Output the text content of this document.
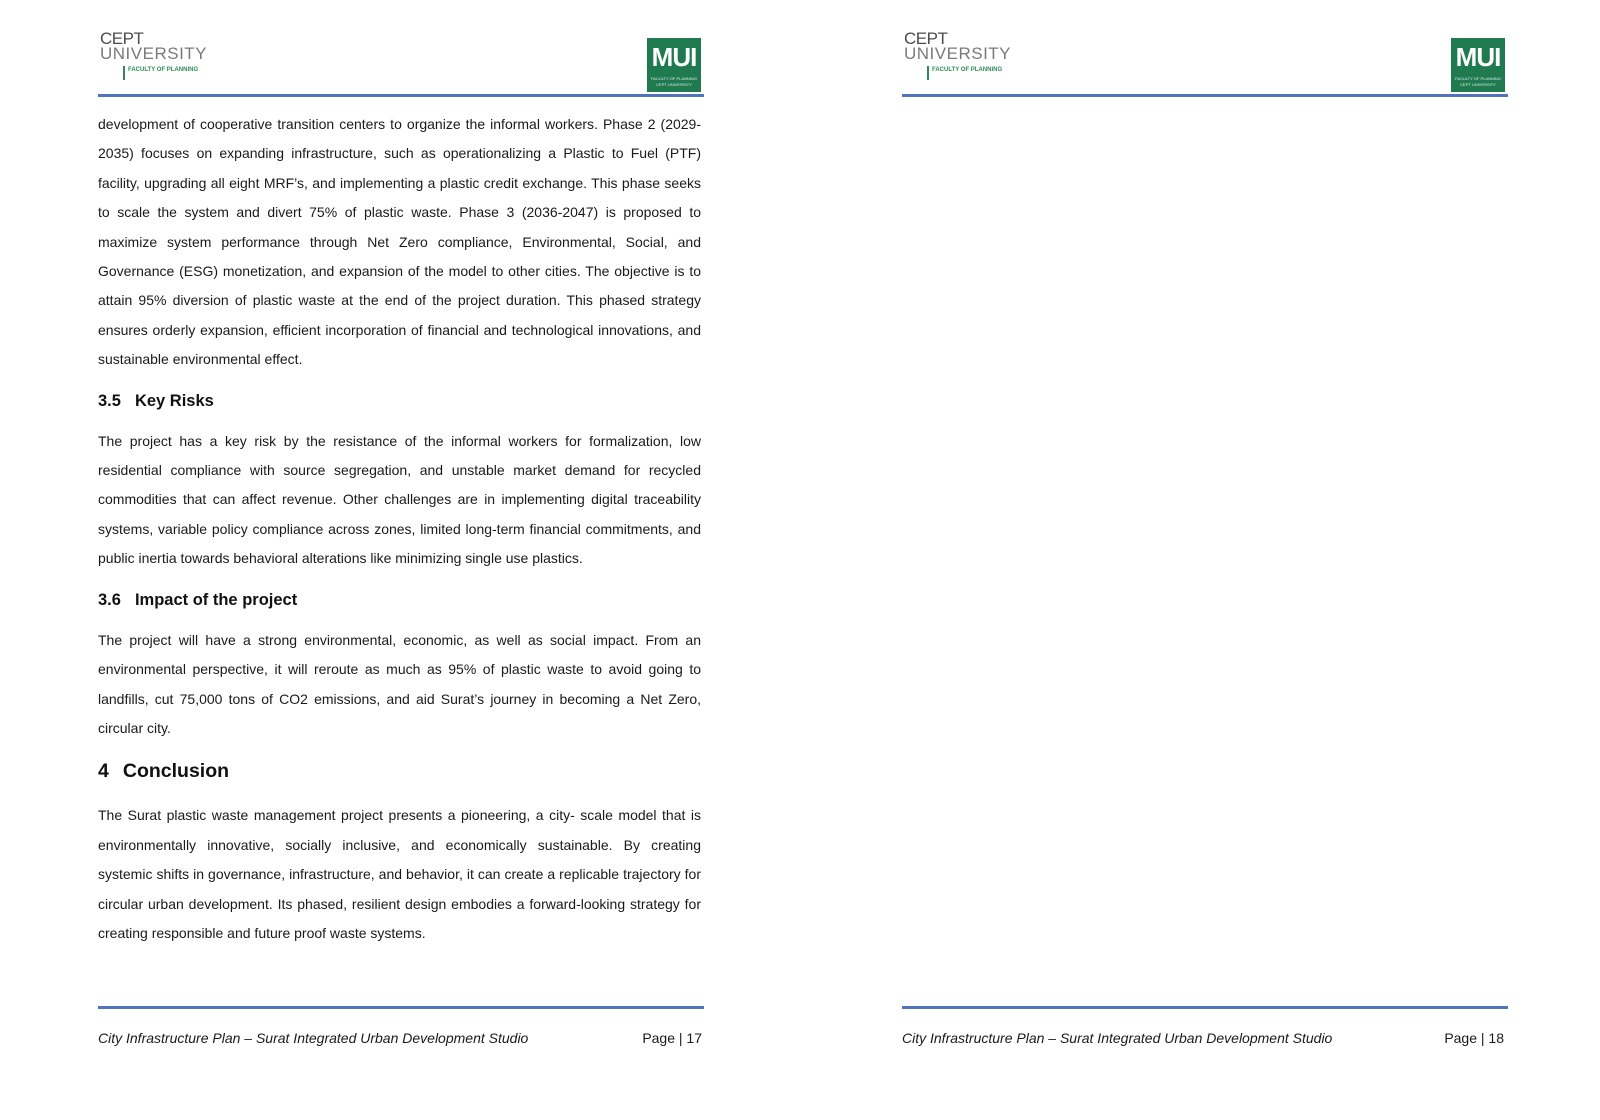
CEPT
UNIVERSITY
FACULTY OF PLANNING	MUI
FACULTY OF PLANNING
CEPT UNIVERSITY

development of cooperative transition centers to organize the informal workers. Phase 2 (2029-2035) focuses on expanding infrastructure, such as operationalizing a Plastic to Fuel (PTF) facility, upgrading all eight MRF’s, and implementing a plastic credit exchange. This phase seeks to scale the system and divert 75% of plastic waste. Phase 3 (2036-2047) is proposed to maximize system performance through Net Zero compliance, Environmental, Social, and Governance (ESG) monetization, and expansion of the model to other cities. The objective is to attain 95% diversion of plastic waste at the end of the project duration. This phased strategy ensures orderly expansion, efficient incorporation of financial and technological innovations, and sustainable environmental effect.

3.5 Key Risks

The project has a key risk by the resistance of the informal workers for formalization, low residential compliance with source segregation, and unstable market demand for recycled commodities that can affect revenue. Other challenges are in implementing digital traceability systems, variable policy compliance across zones, limited long-term financial commitments, and public inertia towards behavioral alterations like minimizing single use plastics.

3.6 Impact of the project

The project will have a strong environmental, economic, as well as social impact. From an environmental perspective, it will reroute as much as 95% of plastic waste to avoid going to landfills, cut 75,000 tons of CO2 emissions, and aid Surat’s journey in becoming a Net Zero, circular city.

4 Conclusion

The Surat plastic waste management project presents a pioneering, a city- scale model that is environmentally innovative, socially inclusive, and economically sustainable. By creating systemic shifts in governance, infrastructure, and behavior, it can create a replicable trajectory for circular urban development. Its phased, resilient design embodies a forward-looking strategy for creating responsible and future proof waste systems.

City Infrastructure Plan – Surat Integrated Urban Development Studio	Page | 17
CEPT
UNIVERSITY
FACULTY OF PLANNING	MUI
FACULTY OF PLANNING
CEPT UNIVERSITY
City Infrastructure Plan – Surat Integrated Urban Development Studio	Page | 18
